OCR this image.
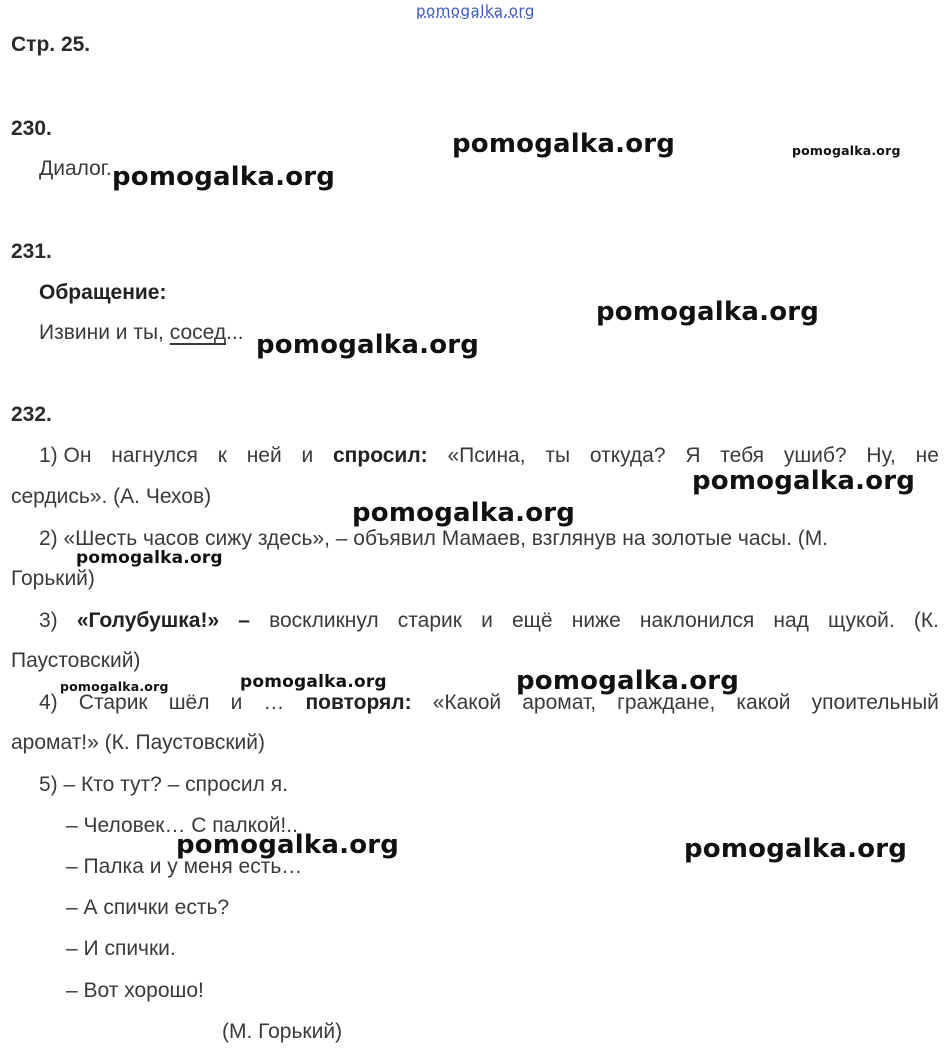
pomogalka.org
Стр. 25.
230.
Диалог.
231.
Обращение:
Извини и ты, сосед...
232.
1) Он нагнулся к ней и спросил: «Псина, ты откуда? Я тебя ушиб? Ну, не
сердись». (А. Чехов)
2) «Шесть часов сижу здесь», – объявил Мамаев, взглянув на золотые часы. (М.
Горький)
3) «Голубушка!» – воскликнул старик и ещё ниже наклонился над щукой. (К.
Паустовский)
4) Старик шёл и … повторял: «Какой аромат, граждане, какой упоительный
аромат!» (К. Паустовский)
5) – Кто тут? – спросил я.
– Человек… С палкой!..
– Палка и у меня есть…
– А спички есть?
– И спички.
– Вот хорошо!
(М. Горький)
pomogalka.org	pomogalka.org
pomogalka.org
pomogalka.org
pomogalka.org
pomogalka.org
pomogalka.org
pomogalka.org
pomogalka.org	pomogalka.org	pomogalka.org
pomogalka.org	pomogalka.org
